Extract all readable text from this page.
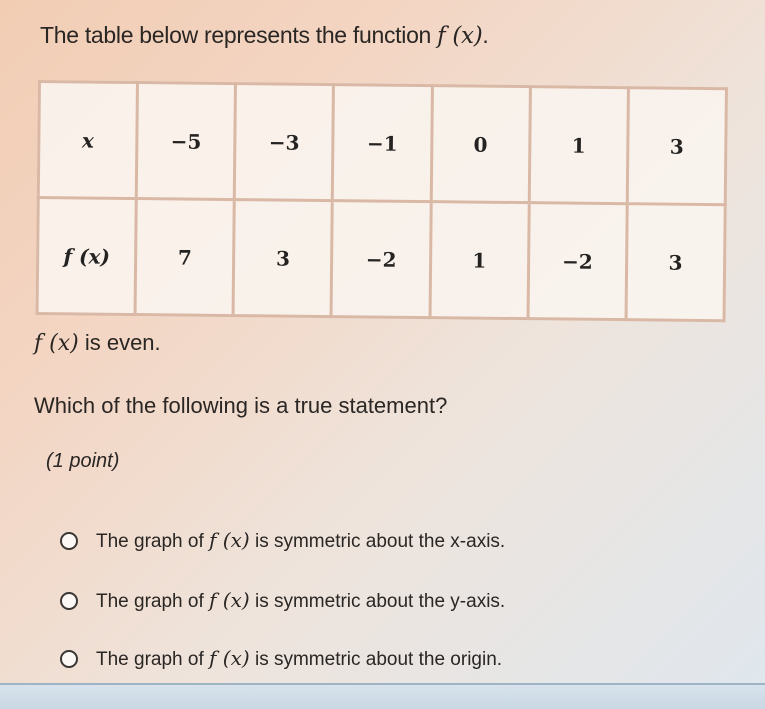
The table below represents the function f (x).
x	−5	−3	−1	0	1	3
f (x)	7	3	−2	1	−2	3
f (x) is even.
Which of the following is a true statement?
(1 point)
The graph of f (x) is symmetric about the x-axis.
The graph of f (x) is symmetric about the y-axis.
The graph of f (x) is symmetric about the origin.
